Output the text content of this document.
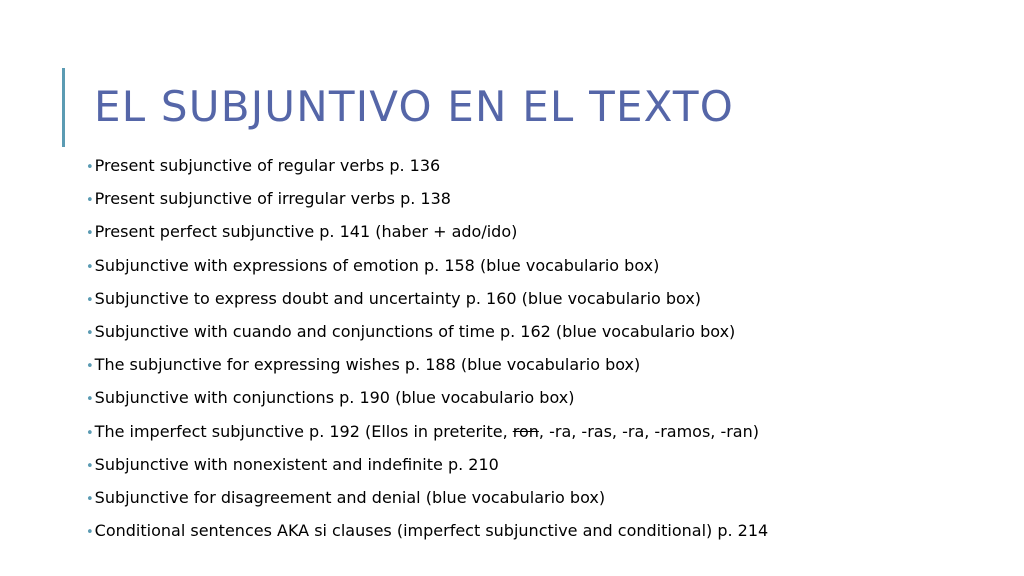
EL SUBJUNTIVO EN EL TEXTO
•Present subjunctive of regular verbs p. 136
•Present subjunctive of irregular verbs p. 138
•Present perfect subjunctive p. 141 (haber + ado/ido)
•Subjunctive with expressions of emotion p. 158 (blue vocabulario box)
•Subjunctive to express doubt and uncertainty p. 160 (blue vocabulario box)
•Subjunctive with cuando and conjunctions of time p. 162 (blue vocabulario box)
•The subjunctive for expressing wishes p. 188 (blue vocabulario box)
•Subjunctive with conjunctions p. 190 (blue vocabulario box)
•The imperfect subjunctive p. 192 (Ellos in preterite, ron, -ra, -ras, -ra, -ramos, -ran)
•Subjunctive with nonexistent and indefinite p. 210
•Subjunctive for disagreement and denial (blue vocabulario box)
•Conditional sentences AKA si clauses (imperfect subjunctive and conditional) p. 214
